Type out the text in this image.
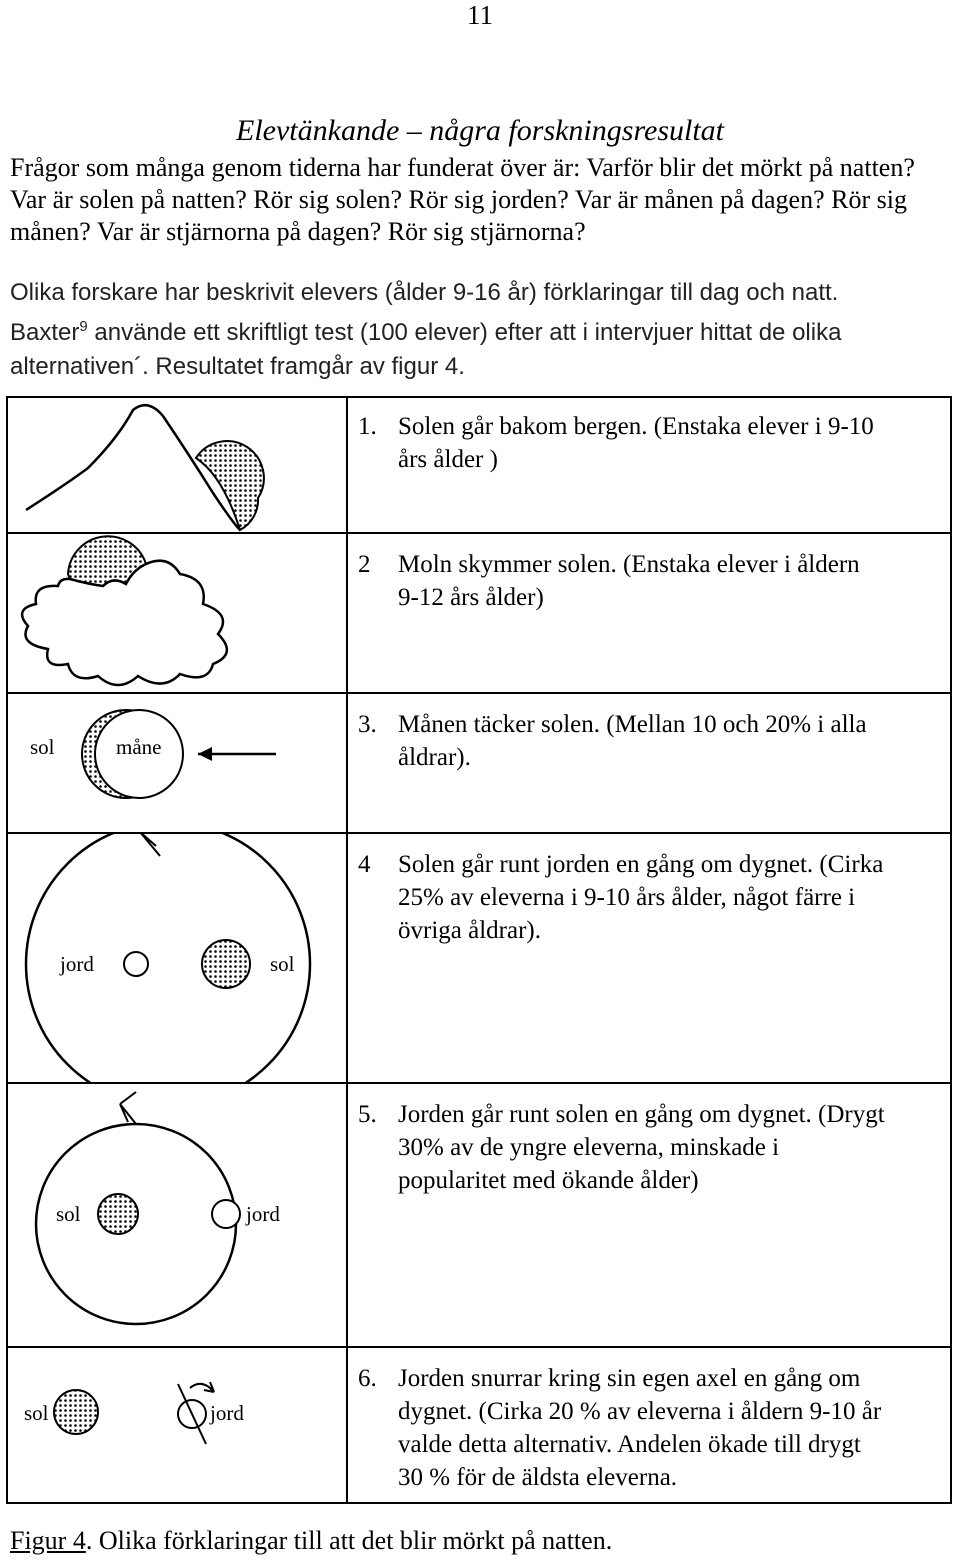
11
Elevtänkande – några forskningsresultat
Frågor som många genom tiderna har funderat över är: Varför blir det mörkt på natten? Var är solen på natten? Rör sig solen? Rör sig jorden? Var är månen på dagen? Rör sig månen? Var är stjärnorna på dagen? Rör sig stjärnorna?
Olika forskare har beskrivit elevers (ålder 9-16 år) förklaringar till dag och natt.
Baxter$^9$ använde ett skriftligt test (100 elever) efter att i intervjuer hittat de olika alternativen´. Resultatet framgår av figur 4.
1. Solen går bakom bergen. (Enstaka elever i 9-10
års ålder )
2 Moln skymmer solen. (Enstaka elever i åldern
9-12 års ålder)
sol	måne
3. Månen täcker solen. (Mellan 10 och 20% i alla
åldrar).
jord	sol
4 Solen går runt jorden en gång om dygnet. (Cirka
25% av eleverna i 9-10 års ålder, något färre i
övriga åldrar).
sol	jord
5. Jorden går runt solen en gång om dygnet. (Drygt
30% av de yngre eleverna, minskade i
popularitet med ökande ålder)
sol	jord
6. Jorden snurrar kring sin egen axel en gång om
dygnet. (Cirka 20 % av eleverna i åldern 9-10 år
valde detta alternativ. Andelen ökade till drygt
30 % för de äldsta eleverna.
Figur 4. Olika förklaringar till att det blir mörkt på natten.
